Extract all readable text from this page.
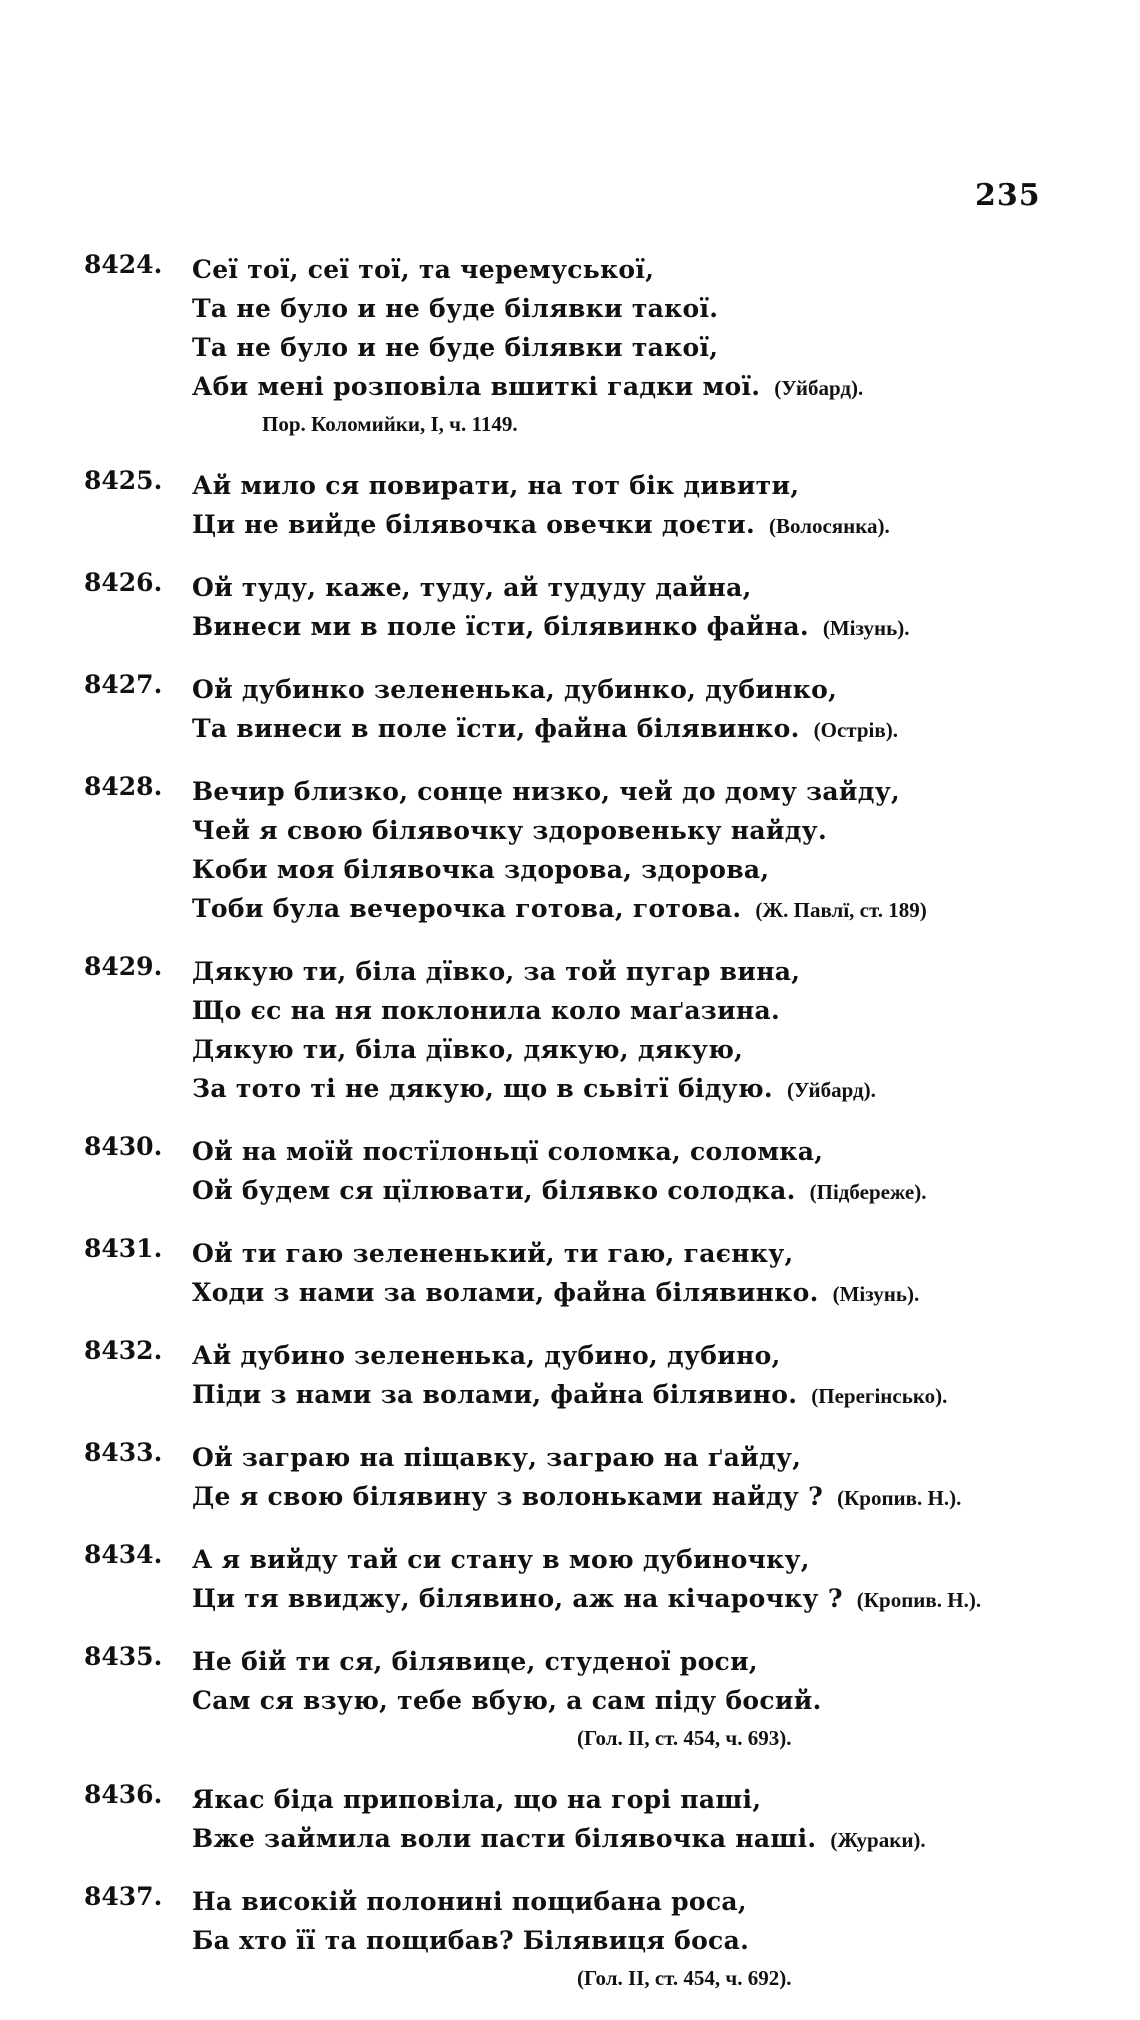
235
8424.	Сеї тої, сеї тої, та черемуської,
Та не було и не буде білявки такої.
Та не було и не буде білявки такої,
Аби мені розповіла вшиткі гадки мої. (Уйбард).
Пор. Коломийки, I, ч. 1149.
8425.	Ай мило ся повирати, на тот бік дивити,
Ци не вийде білявочка овечки доєти. (Волосянка).
8426.	Ой туду, каже, туду, ай тудуду дайна,
Винеси ми в поле їсти, білявинко файна. (Мізунь).
8427.	Ой дубинко зелененька, дубинко, дубинко,
Та винеси в поле їсти, файна білявинко. (Острів).
8428.	Вечир близко, сонце низко, чей до дому зайду,
Чей я свою білявочку здоровеньку найду.
Коби моя білявочка здорова, здорова,
Тоби була вечерочка готова, готова. (Ж. Павлї, ст. 189)
8429.	Дякую ти, біла дївко, за той пугар вина,
Що єс на ня поклонила коло маґазина.
Дякую ти, біла дївко, дякую, дякую,
За тото ті не дякую, що в сьвітї бідую. (Уйбард).
8430.	Ой на моїй постїлоньцї соломка, соломка,
Ой будем ся цїлювати, білявко солодка. (Підбереже).
8431.	Ой ти гаю зелененький, ти гаю, гаєнку,
Ходи з нами за волами, файна білявинко. (Мізунь).
8432.	Ай дубино зелененька, дубино, дубино,
Піди з нами за волами, файна білявино. (Перегінсько).
8433.	Ой заграю на піщавку, заграю на ґайду,
Де я свою білявину з волоньками найду ? (Кропив. Н.).
8434.	А я вийду тай си стану в мою дубиночку,
Ци тя ввиджу, білявино, аж на кічарочку ? (Кропив. Н.).
8435.	Не бій ти ся, білявице, студеної роси,
Сам ся взую, тебе вбую, а сам піду босий.
(Гол. II, ст. 454, ч. 693).
8436.	Якас біда приповіла, що на горі паші,
Вже займила воли пасти білявочка наші. (Жураки).
8437.	На високій полонині пощибана роса,
Ба хто її та пощибав? Білявиця боса.
(Гол. II, ст. 454, ч. 692).
